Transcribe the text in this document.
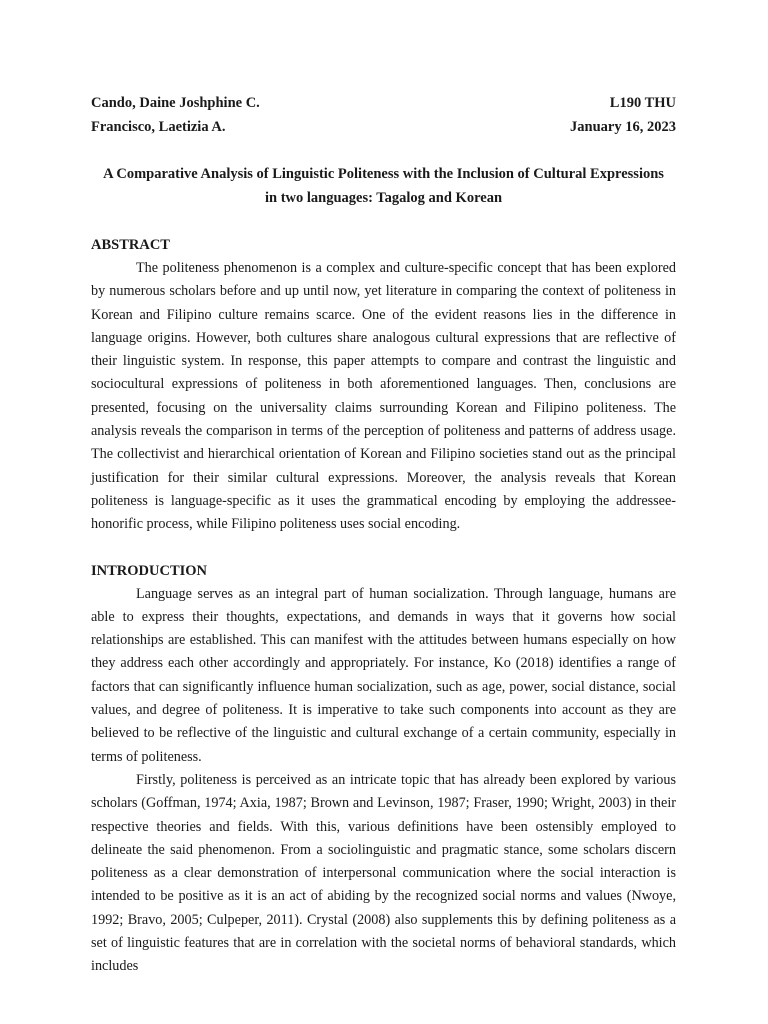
Cando, Daine Joshphine C.
Francisco, Laetizia A.
L190 THU
January 16, 2023
A Comparative Analysis of Linguistic Politeness with the Inclusion of Cultural Expressions
in two languages: Tagalog and Korean
ABSTRACT

The politeness phenomenon is a complex and culture-specific concept that has been explored by numerous scholars before and up until now, yet literature in comparing the context of politeness in Korean and Filipino culture remains scarce. One of the evident reasons lies in the difference in language origins. However, both cultures share analogous cultural expressions that are reflective of their linguistic system. In response, this paper attempts to compare and contrast the linguistic and sociocultural expressions of politeness in both aforementioned languages. Then, conclusions are presented, focusing on the universality claims surrounding Korean and Filipino politeness. The analysis reveals the comparison in terms of the perception of politeness and patterns of address usage. The collectivist and hierarchical orientation of Korean and Filipino societies stand out as the principal justification for their similar cultural expressions. Moreover, the analysis reveals that Korean politeness is language-specific as it uses the grammatical encoding by employing the addressee-honorific process, while Filipino politeness uses social encoding.

INTRODUCTION

Language serves as an integral part of human socialization. Through language, humans are able to express their thoughts, expectations, and demands in ways that it governs how social relationships are established. This can manifest with the attitudes between humans especially on how they address each other accordingly and appropriately. For instance, Ko (2018) identifies a range of factors that can significantly influence human socialization, such as age, power, social distance, social values, and degree of politeness. It is imperative to take such components into account as they are believed to be reflective of the linguistic and cultural exchange of a certain community, especially in terms of politeness.

Firstly, politeness is perceived as an intricate topic that has already been explored by various scholars (Goffman, 1974; Axia, 1987; Brown and Levinson, 1987; Fraser, 1990; Wright, 2003) in their respective theories and fields. With this, various definitions have been ostensibly employed to delineate the said phenomenon. From a sociolinguistic and pragmatic stance, some scholars discern politeness as a clear demonstration of interpersonal communication where the social interaction is intended to be positive as it is an act of abiding by the recognized social norms and values (Nwoye, 1992; Bravo, 2005; Culpeper, 2011). Crystal (2008) also supplements this by defining politeness as a set of linguistic features that are in correlation with the societal norms of behavioral standards, which includes
